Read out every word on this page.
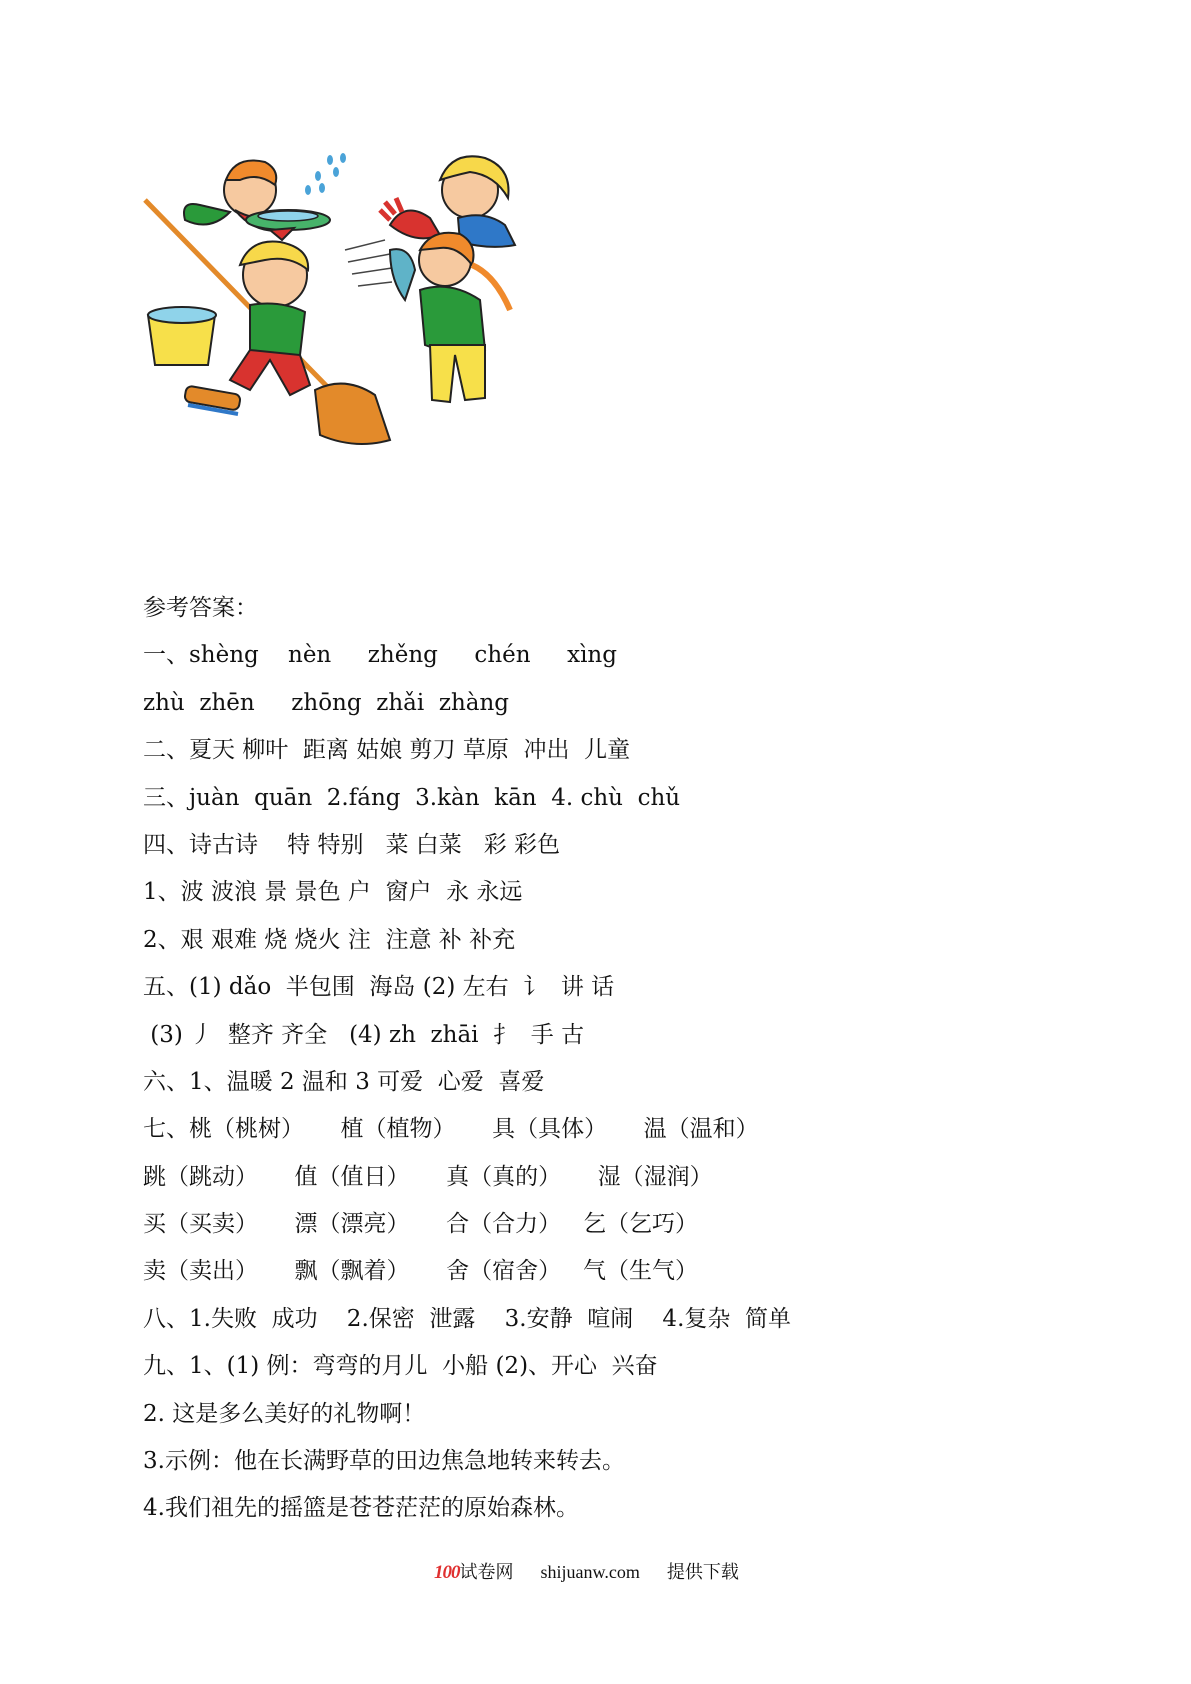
参考答案：
一、shèng    nèn     zhěng     chén     xìng
zhù  zhēn     zhōng  zhǎi  zhàng
二、夏天 柳叶  距离 姑娘 剪刀 草原  冲出  儿童
三、juàn  quān  2.fáng  3.kàn  kān  4. chù  chǔ
四、诗古诗    特 特别   菜 白菜   彩 彩色
1、波 波浪 景 景色 户  窗户  永 永远
2、艰 艰难 烧 烧火 注  注意 补 补充
五、(1) dǎo  半包围  海岛 (2) 左右  讠  讲 话
(3) 丿  整齐 齐全   (4) zh  zhāi  扌  手 古
六、1、温暖 2 温和 3 可爱  心爱  喜爱
七、桃（桃树）     植（植物）     具（具体）     温（温和）
跳（跳动）     值（值日）     真（真的）     湿（湿润）
买（买卖）     漂（漂亮）     合（合力）   乞（乞巧）
卖（卖出）     飘（飘着）     舍（宿舍）   气（生气）
八、1.失败  成功    2.保密  泄露    3.安静  喧闹    4.复杂  简单
九、1、(1) 例：弯弯的月儿  小船 (2)、开心  兴奋
2. 这是多么美好的礼物啊！
3.示例：他在长满野草的田边焦急地转来转去。
4.我们祖先的摇篮是苍苍茫茫的原始森林。

100试卷网 shijuanw.com 提供下载
